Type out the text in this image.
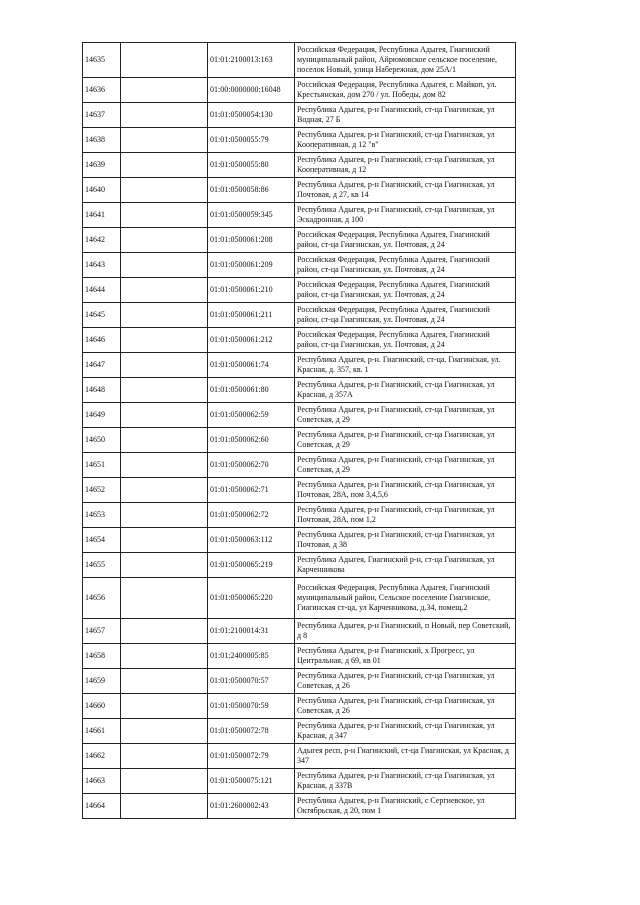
14635		01:01:2100013:163	Российская Федерация, Республика Адыгея, Гиагинский муниципальный район, Айрюмовское сельское поселение, поселок Новый, улица Набережная, дом 25А/1
14636		01:00:0000000:16048	Российская Федерация, Республика Адыгея, г. Майкоп, ул. Крестьянская, дом 270 / ул. Победы, дом 82
14637		01:01:0500054:130	Республика Адыгея, р-н Гиагинский, ст-ца Гиагинская, ул Водная, 27 Б
14638		01:01:0500055:79	Республика Адыгея, р-н Гиагинский, ст-ца Гиагинская, ул Кооперативная, д 12 "в"
14639		01:01:0500055:80	Республика Адыгея, р-н Гиагинский, ст-ца Гиагинская, ул Кооперативная, д 12
14640		01:01:0500058:86	Республика Адыгея, р-н Гиагинский, ст-ца Гиагинская, ул Почтовая, д 27, кв 14
14641		01:01:0500059:345	Республика Адыгея, р-н Гиагинский, ст-ца Гиагинская, ул Эскадронная, д 100
14642		01:01:0500061:208	Российская Федерация, Республика Адыгея, Гиагинский район, ст-ца Гиагинская, ул. Почтовая, д 24
14643		01:01:0500061:209	Российская Федерация, Республика Адыгея, Гиагинский район, ст-ца Гиагинская, ул. Почтовая, д 24
14644		01:01:0500061:210	Российская Федерация, Республика Адыгея, Гиагинский район, ст-ца Гиагинская, ул. Почтовая, д 24
14645		01:01:0500061:211	Российская Федерация, Республика Адыгея, Гиагинский район, ст-ца Гиагинская, ул. Почтовая, д 24
14646		01:01:0500061:212	Российская Федерация, Республика Адыгея, Гиагинский район, ст-ца Гиагинская, ул. Почтовая, д 24
14647		01:01:0500061:74	Республика Адыгея, р-н. Гиагинский, ст-ца. Гиагинская, ул. Красная, д. 357, кв. 1
14648		01:01:0500061:80	Республика Адыгея, р-н Гиагинский, ст-ца Гиагинская, ул Красная, д 357А
14649		01:01:0500062:59	Республика Адыгея, р-н Гиагинский, ст-ца Гиагинская, ул Советская, д 29
14650		01:01:0500062:60	Республика Адыгея, р-н Гиагинский, ст-ца Гиагинская, ул Советская, д 29
14651		01:01:0500062:70	Республика Адыгея, р-н Гиагинский, ст-ца Гиагинская, ул Советская, д 29
14652		01:01:0500062:71	Республика Адыгея, р-н Гиагинский, ст-ца Гиагинская, ул Почтовая, 28А, пом 3,4,5,6
14653		01:01:0500062:72	Республика Адыгея, р-н Гиагинский, ст-ца Гиагинская, ул Почтовая, 28А, пом 1,2
14654		01:01:0500063:112	Республика Адыгея, р-н Гиагинский, ст-ца Гиагинская, ул Почтовая, д 38
14655		01:01:0500065:219	Республика Адыгея, Гиагинский р-н, ст-ца Гиагинская, ул Карченникова
14656		01:01:0500065:220	Российская Федерация, Республика Адыгея, Гиагинский муниципальный район, Сельское поселение Гиагинское, Гиагинская ст-ца, ул Карченникова, д.34, помещ.2
14657		01:01:2100014:31	Республика Адыгея, р-н Гиагинский, п Новый, пер Советский, д 8
14658		01:01:2400005:85	Республика Адыгея, р-н Гиагинский, х Прогресс, ул Центральная, д 69, кв 01
14659		01:01:0500070:57	Республика Адыгея, р-н Гиагинский, ст-ца Гиагинская, ул Советская, д 26
14660		01:01:0500070:59	Республика Адыгея, р-н Гиагинский, ст-ца Гиагинская, ул Советская, д 26
14661		01:01:0500072:78	Республика Адыгея, р-н Гиагинский, ст-ца Гиагинская, ул Красная, д 347
14662		01:01:0500072:79	Адыгея респ, р-н Гиагинский, ст-ца Гиагинская, ул Красная, д 347
14663		01:01:0500075:121	Республика Адыгея, р-н Гиагинский, ст-ца Гиагинская, ул Красная, д 337В
14664		01:01:2600002:43	Республика Адыгея, р-н Гиагинский, с Сергиевское, ул Октябрьская, д 20, пом 1
